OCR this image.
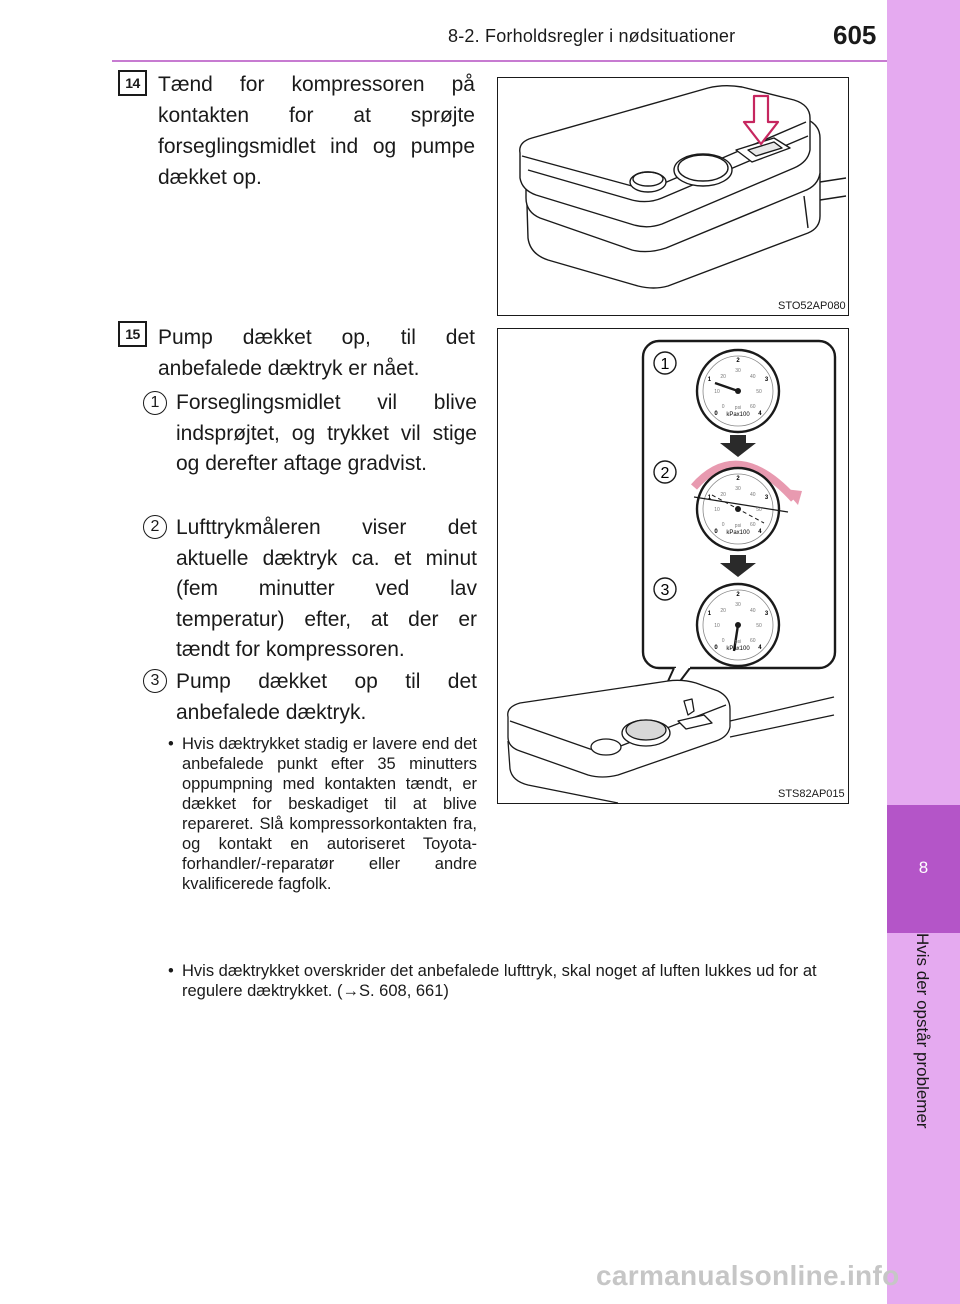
8-2. Forholdsregler i nødsituationer	605
8
Hvis der opstår problemer
14 Tænd for kompressoren på kontakten for at sprøjte forseglingsmidlet ind og pumpe dækket op.
STO52AP080
15 Pump dækket op, til det anbefalede dæktryk er nået.
1 Forseglingsmidlet vil blive indsprøjtet, og trykket vil stige og derefter aftage gradvist.
2 Lufttrykmåleren viser det aktuelle dæktryk ca. et minut (fem minutter ved lav temperatur) efter, at der er tændt for kompressoren.
3 Pump dækket op til det anbefalede dæktryk.
• Hvis dæktrykket stadig er lavere end det anbefalede punkt efter 35 minutters oppumpning med kontakten tændt, er dækket for beskadiget til at blive repareret. Slå kompressorkontakten fra, og kontakt en autoriseret Toyota-forhandler/-reparatør eller andre kvalificerede fagfolk.
• Hvis dæktrykket overskrider det anbefalede lufttryk, skal noget af luften lukkes ud for at regulere dæktrykket. (→S. 608, 661)
1
2
3
kPax100
psi
kPax100
psi
kPax100
psi
0
1
2
3
4
0
10
20
30
40
50
60
0
1
2
3
4
0
10
20
30
40
50
60
0
1
2
3
4
0
10
20
30
40
50
60
STS82AP015
carmanualsonline.info
